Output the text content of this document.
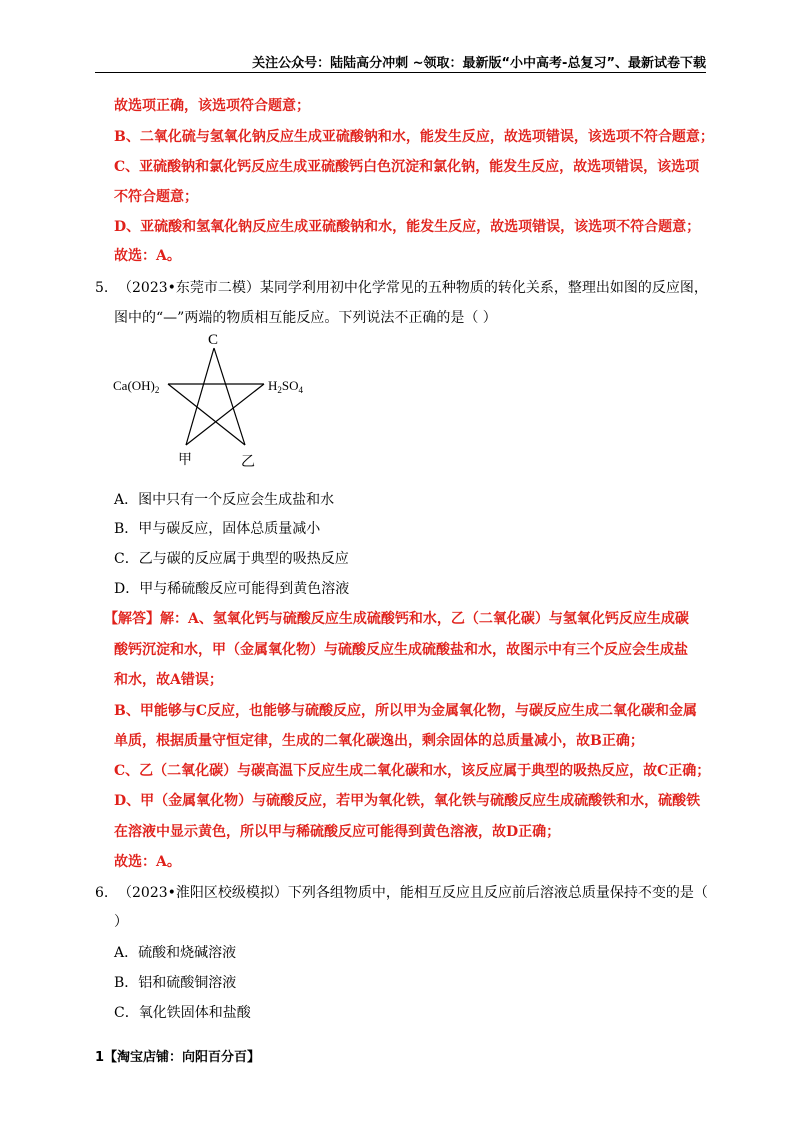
关注公众号：陆陆高分冲刺 ~领取：最新版“小中高考-总复习”、最新试卷下载
故选项正确，该选项符合题意；
B、二氧化硫与氢氧化钠反应生成亚硫酸钠和水，能发生反应，故选项错误，该选项不符合题意；
C、亚硫酸钠和氯化钙反应生成亚硫酸钙白色沉淀和氯化钠，能发生反应，故选项错误，该选项
不符合题意；
D、亚硫酸和氢氧化钠反应生成亚硫酸钠和水，能发生反应，故选项错误，该选项不符合题意；
故选：A。
5. （2023•东莞市二模）某同学利用初中化学常见的五种物质的转化关系，整理出如图的反应图，
图中的“—”两端的物质相互能反应。下列说法不正确的是（ ）
C
$Ca(OH)_2$	$H_2SO_4$
甲	乙
A．图中只有一个反应会生成盐和水
B．甲与碳反应，固体总质量减小
C．乙与碳的反应属于典型的吸热反应
D．甲与稀硫酸反应可能得到黄色溶液
【解答】解：A、氢氧化钙与硫酸反应生成硫酸钙和水，乙（二氧化碳）与氢氧化钙反应生成碳
酸钙沉淀和水，甲（金属氧化物）与硫酸反应生成硫酸盐和水，故图示中有三个反应会生成盐
和水，故A错误；
B、甲能够与C反应，也能够与硫酸反应，所以甲为金属氧化物，与碳反应生成二氧化碳和金属
单质，根据质量守恒定律，生成的二氧化碳逸出，剩余固体的总质量减小，故B正确；
C、乙（二氧化碳）与碳高温下反应生成二氧化碳和水，该反应属于典型的吸热反应，故C正确；
D、甲（金属氧化物）与硫酸反应，若甲为氧化铁，氧化铁与硫酸反应生成硫酸铁和水，硫酸铁
在溶液中显示黄色，所以甲与稀硫酸反应可能得到黄色溶液，故D正确；
故选：A。
6. （2023•淮阳区校级模拟）下列各组物质中，能相互反应且反应前后溶液总质量保持不变的是（
）
A．硫酸和烧碱溶液
B．铝和硫酸铜溶液
C．氧化铁固体和盐酸
1【淘宝店铺：向阳百分百】
